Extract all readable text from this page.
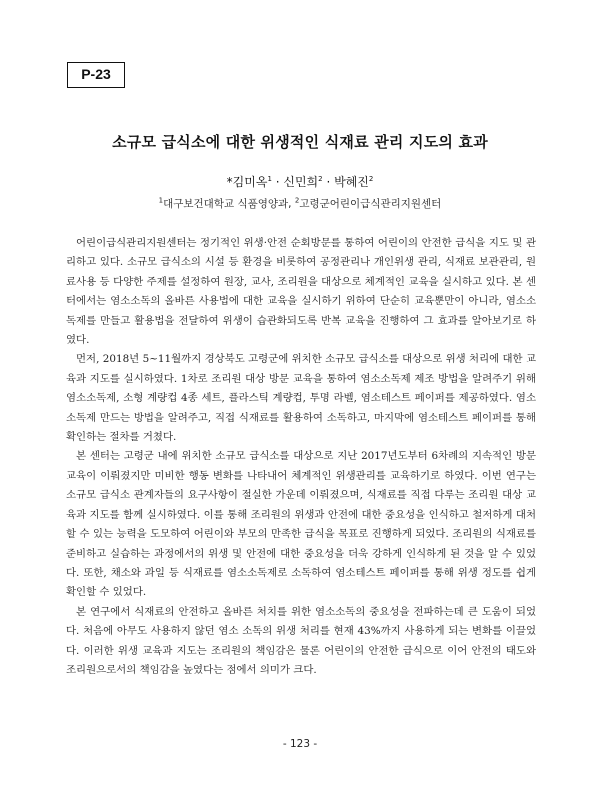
P-23
소규모 급식소에 대한 위생적인 식재료 관리 지도의 효과
*김미옥$^1$ · 신민희$^2$ · 박혜진$^2$
$^1$대구보건대학교 식품영양과, $^2$고령군어린이급식관리지원센터

어린이급식관리지원센터는 정기적인 위생·안전 순회방문를 통하여 어린이의 안전한 급식을 지도 및 관리하고 있다. 소규모 급식소의 시설 등 환경을 비롯하여 공정관리나 개인위생 관리, 식재료 보관관리, 원료사용 등 다양한 주제를 설정하여 원장, 교사, 조리원을 대상으로 체계적인 교육을 실시하고 있다. 본 센터에서는 염소소독의 올바른 사용법에 대한 교육을 실시하기 위하여 단순히 교육뿐만이 아니라, 염소소독제를 만들고 활용법을 전달하여 위생이 습관화되도록 반복 교육을 진행하여 그 효과를 알아보기로 하였다.

먼저, 2018년 5~11월까지 경상북도 고령군에 위치한 소규모 급식소를 대상으로 위생 처리에 대한 교육과 지도를 실시하였다. 1차로 조리원 대상 방문 교육을 통하여 염소소독제 제조 방법을 알려주기 위해 염소소독제, 소형 계량컵 4종 세트, 플라스틱 계량컵, 투명 라벨, 염소테스트 페이퍼를 제공하였다. 염소소독제 만드는 방법을 알려주고, 직접 식재료를 활용하여 소독하고, 마지막에 염소테스트 페이퍼를 통해 확인하는 절차를 거쳤다.

본 센터는 고령군 내에 위치한 소규모 급식소를 대상으로 지난 2017년도부터 6차례의 지속적인 방문 교육이 이뤄졌지만 미비한 행동 변화를 나타내어 체계적인 위생관리를 교육하기로 하였다. 이번 연구는 소규모 급식소 관계자들의 요구사항이 절실한 가운데 이뤄졌으며, 식재료를 직접 다루는 조리원 대상 교육과 지도를 함께 실시하였다. 이를 통해 조리원의 위생과 안전에 대한 중요성을 인식하고 철저하게 대처할 수 있는 능력을 도모하여 어린이와 부모의 만족한 급식을 목표로 진행하게 되었다. 조리원의 식재료를 준비하고 실습하는 과정에서의 위생 및 안전에 대한 중요성을 더욱 강하게 인식하게 된 것을 알 수 있었다. 또한, 채소와 과일 등 식재료를 염소소독제로 소독하여 염소테스트 페이퍼를 통해 위생 정도를 쉽게 확인할 수 있었다.

본 연구에서 식재료의 안전하고 올바른 처치를 위한 염소소독의 중요성을 전파하는데 큰 도움이 되었다. 처음에 아무도 사용하지 않던 염소 소독의 위생 처리를 현재 43%까지 사용하게 되는 변화를 이끌었다. 이러한 위생 교육과 지도는 조리원의 책임감은 물론 어린이의 안전한 급식으로 이어 안전의 태도와 조리원으로서의 책임감을 높였다는 점에서 의미가 크다.

- 123 -
